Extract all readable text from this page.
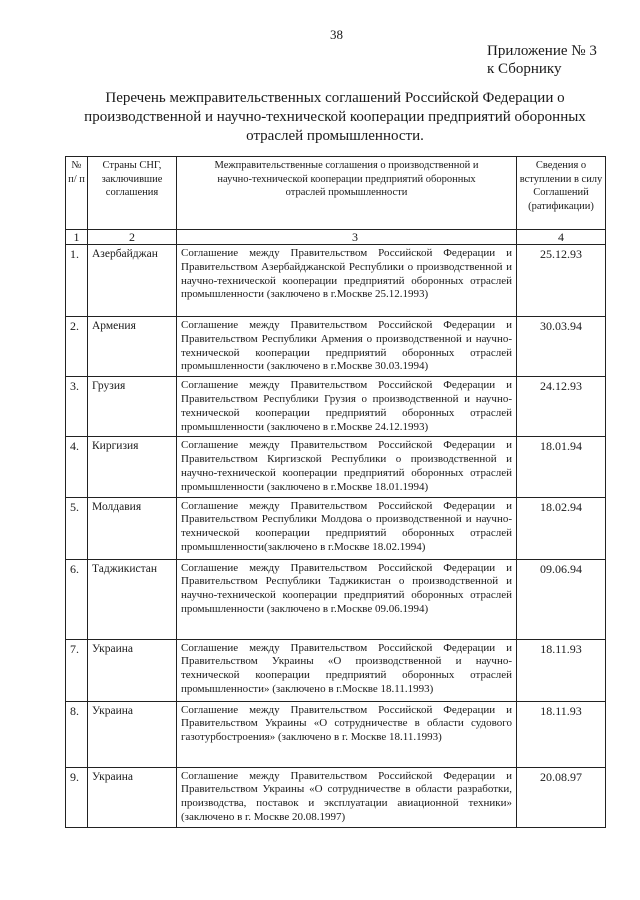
38
Приложение № 3
к Сборнику
Перечень межправительственных соглашений Российской Федерации о производственной и научно-технической кооперации предприятий оборонных отраслей промышленности.
№ п/ п	Страны СНГ, заключившие соглашения	Межправительственные соглашения о производственной и научно-технической кооперации предприятий оборонных отраслей промышленности	Сведения о вступлении в силу Соглашений (ратификации)
1	2	3	4
1.	Азербайджан	Соглашение между Правительством Российской Федерации и Правительством Азербайджанской Республики о производственной и научно-технической кооперации предприятий оборонных отраслей промышленности (заключено в г.Москве 25.12.1993)	25.12.93
2.	Армения	Соглашение между Правительством Российской Федерации и Правительством Республики Армения о производственной и научно-технической кооперации предприятий оборонных отраслей промышленности (заключено в г.Москве 30.03.1994)	30.03.94
3.	Грузия	Соглашение между Правительством Российской Федерации и Правительством Республики Грузия о производственной и научно-технической кооперации предприятий оборонных отраслей промышленности (заключено в г.Москве 24.12.1993)	24.12.93
4.	Киргизия	Соглашение между Правительством Российской Федерации и Правительством Киргизской Республики о производственной и научно-технической кооперации предприятий оборонных отраслей промышленности (заключено в г.Москве 18.01.1994)	18.01.94
5.	Молдавия	Соглашение между Правительством Российской Федерации и Правительством Республики Молдова о производственной и научно-технической кооперации предприятий оборонных отраслей промышленности(заключено в г.Москве 18.02.1994)	18.02.94
6.	Таджикистан	Соглашение между Правительством Российской Федерации и Правительством Республики Таджикистан о производственной и научно-технической кооперации предприятий оборонных отраслей промышленности (заключено в г.Москве 09.06.1994)	09.06.94
7.	Украина	Соглашение между Правительством Российской Федерации и Правительством Украины «О производственной и научно-технической кооперации предприятий оборонных отраслей промышленности» (заключено в г.Москве 18.11.1993)	18.11.93
8.	Украина	Соглашение между Правительством Российской Федерации и Правительством Украины «О сотрудничестве в области судового газотурбостроения» (заключено в г. Москве 18.11.1993)	18.11.93
9.	Украина	Соглашение между Правительством Российской Федерации и Правительством Украины «О сотрудничестве в области разработки, производства, поставок и эксплуатации авиационной техники» (заключено в г. Москве 20.08.1997)	20.08.97
